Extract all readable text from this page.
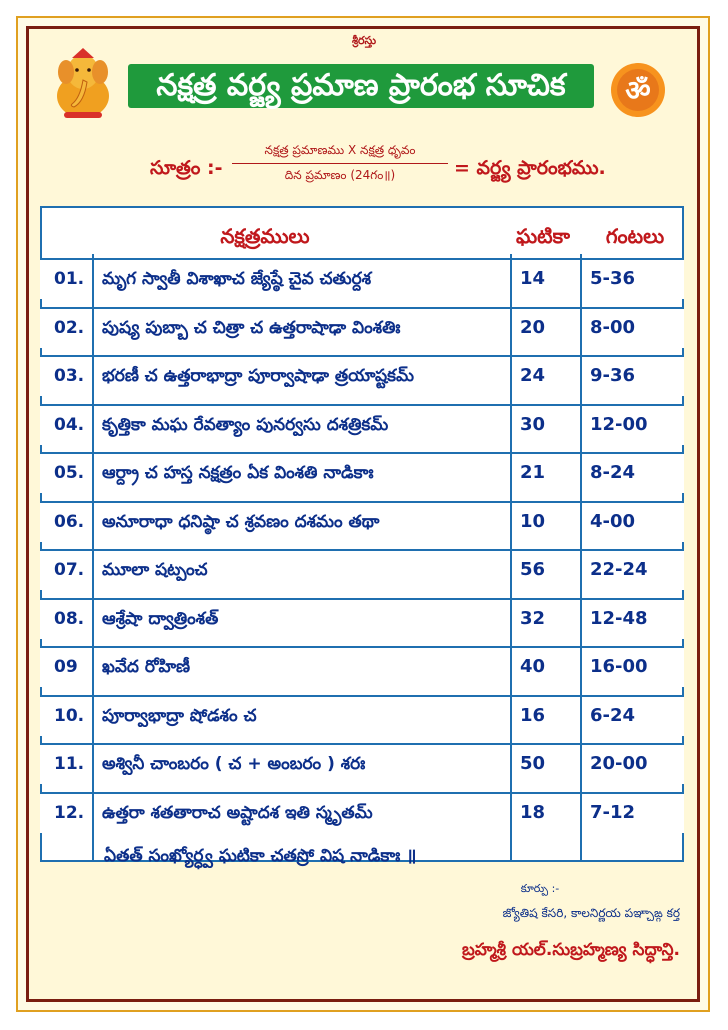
శ్రీరస్తు
ॐ
నక్షత్ర వర్జ్య ప్రమాణ ప్రారంభ సూచిక
సూత్రం :-
నక్షత్ర ప్రమాణము X నక్షత్ర ధృవం
దిన ప్రమాణం (24గం॥)	= వర్జ్య ప్రారంభము.
నక్షత్రములు	ఘటికా	గంటలు
01.	మృగ స్వాతీ విశాఖాచ జ్యేష్ఠే చైవ చతుర్దశ	14	5-36
02.	పుష్య పుబ్బా చ చిత్రా చ ఉత్తరాషాఢా వింశతిః	20	8-00
03.	భరణీ చ ఉత్తరాభాద్రా పూర్వాషాఢా త్రయాష్టకమ్	24	9-36
04.	కృత్తికా మఘ రేవత్యాం పునర్వసు దశత్రికమ్	30	12-00
05.	ఆర్ద్రా చ హస్త నక్షత్రం ఏక వింశతి నాడికాః	21	8-24
06.	అనూరాధా ధనిష్ఠా చ శ్రవణం దశమం తథా	10	4-00
07.	మూలా షట్పంచ	56	22-24
08.	ఆశ్రేషా ద్వాత్రింశత్	32	12-48
09	ఖవేద రోహిణీ	40	16-00
10.	పూర్వాభాద్రా షోడశం చ	16	6-24
11.	అశ్వినీ చాంబరం ( చ + అంబరం ) శరః	50	20-00
12.	ఉత్తరా శతతారాచ అష్టాదశ ఇతి స్మృతమ్	18	7-12
ఏతత్ సంఖ్యోర్ధ్వ ఘటికా చతస్రో విష నాడికాః ॥
కూర్పు :-
జ్యోతిష కేసరి, కాలనిర్ణయ పఞ్చాఙ్గ కర్త
బ్రహ్మశ్రీ యల్.సుబ్రహ్మణ్య సిద్ధాన్తి.
